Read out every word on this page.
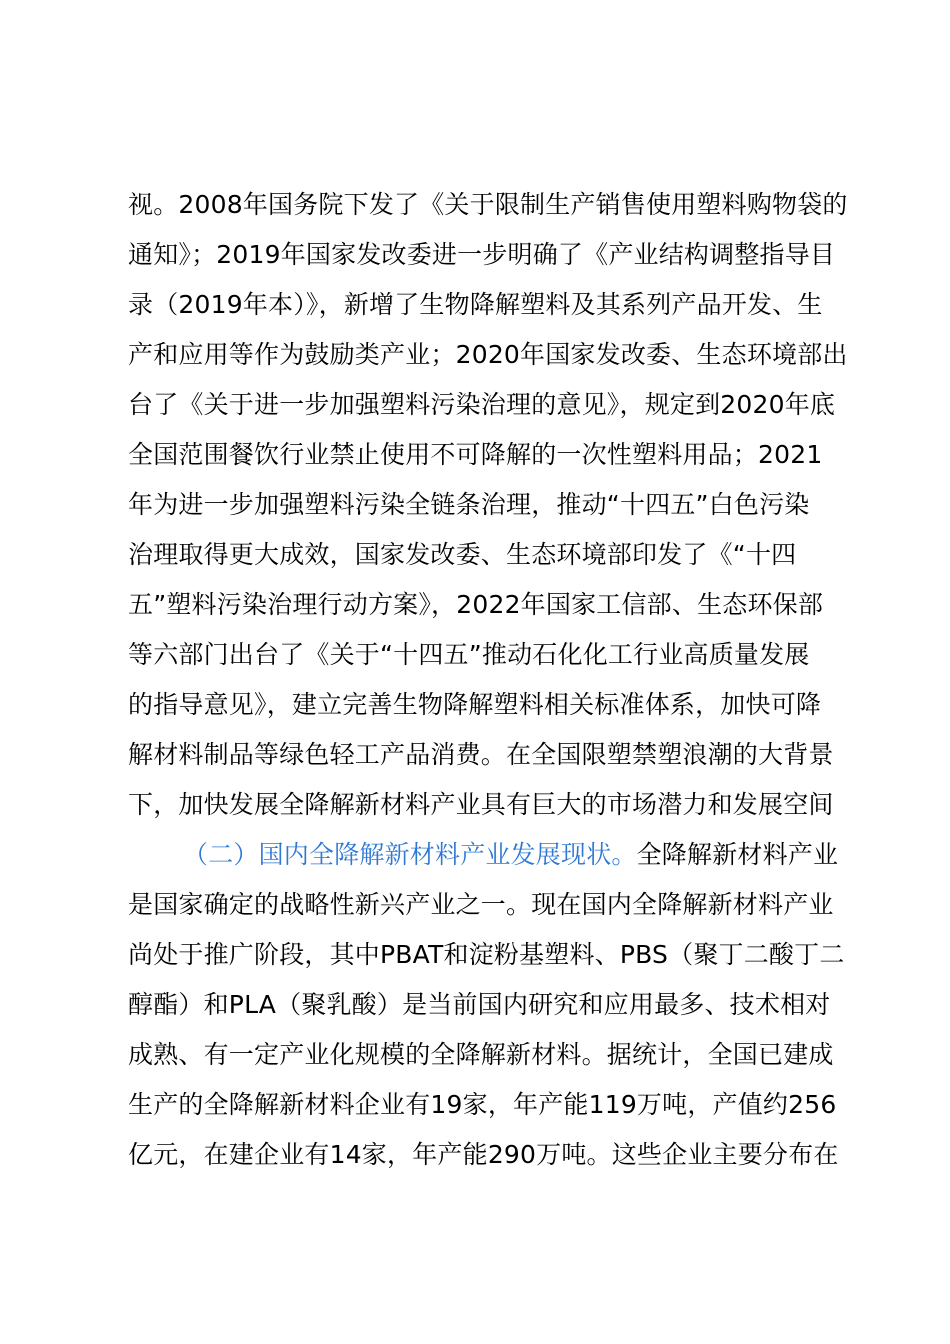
视。2008年国务院下发了《关于限制生产销售使用塑料购物袋的
通知》；2019年国家发改委进一步明确了《产业结构调整指导目
录（2019年本）》，新增了生物降解塑料及其系列产品开发、生
产和应用等作为鼓励类产业；2020年国家发改委、生态环境部出
台了《关于进一步加强塑料污染治理的意见》，规定到2020年底
全国范围餐饮行业禁止使用不可降解的一次性塑料用品；2021
年为进一步加强塑料污染全链条治理，推动“十四五”白色污染
治理取得更大成效，国家发改委、生态环境部印发了《“十四
五”塑料污染治理行动方案》，2022年国家工信部、生态环保部
等六部门出台了《关于“十四五”推动石化化工行业高质量发展
的指导意见》，建立完善生物降解塑料相关标准体系，加快可降
解材料制品等绿色轻工产品消费。在全国限塑禁塑浪潮的大背景
下，加快发展全降解新材料产业具有巨大的市场潜力和发展空间
（二）国内全降解新材料产业发展现状。全降解新材料产业
是国家确定的战略性新兴产业之一。现在国内全降解新材料产业
尚处于推广阶段，其中PBAT和淀粉基塑料、PBS（聚丁二酸丁二
醇酯）和PLA（聚乳酸）是当前国内研究和应用最多、技术相对
成熟、有一定产业化规模的全降解新材料。据统计，全国已建成
生产的全降解新材料企业有19家，年产能119万吨，产值约256
亿元，在建企业有14家，年产能290万吨。这些企业主要分布在
